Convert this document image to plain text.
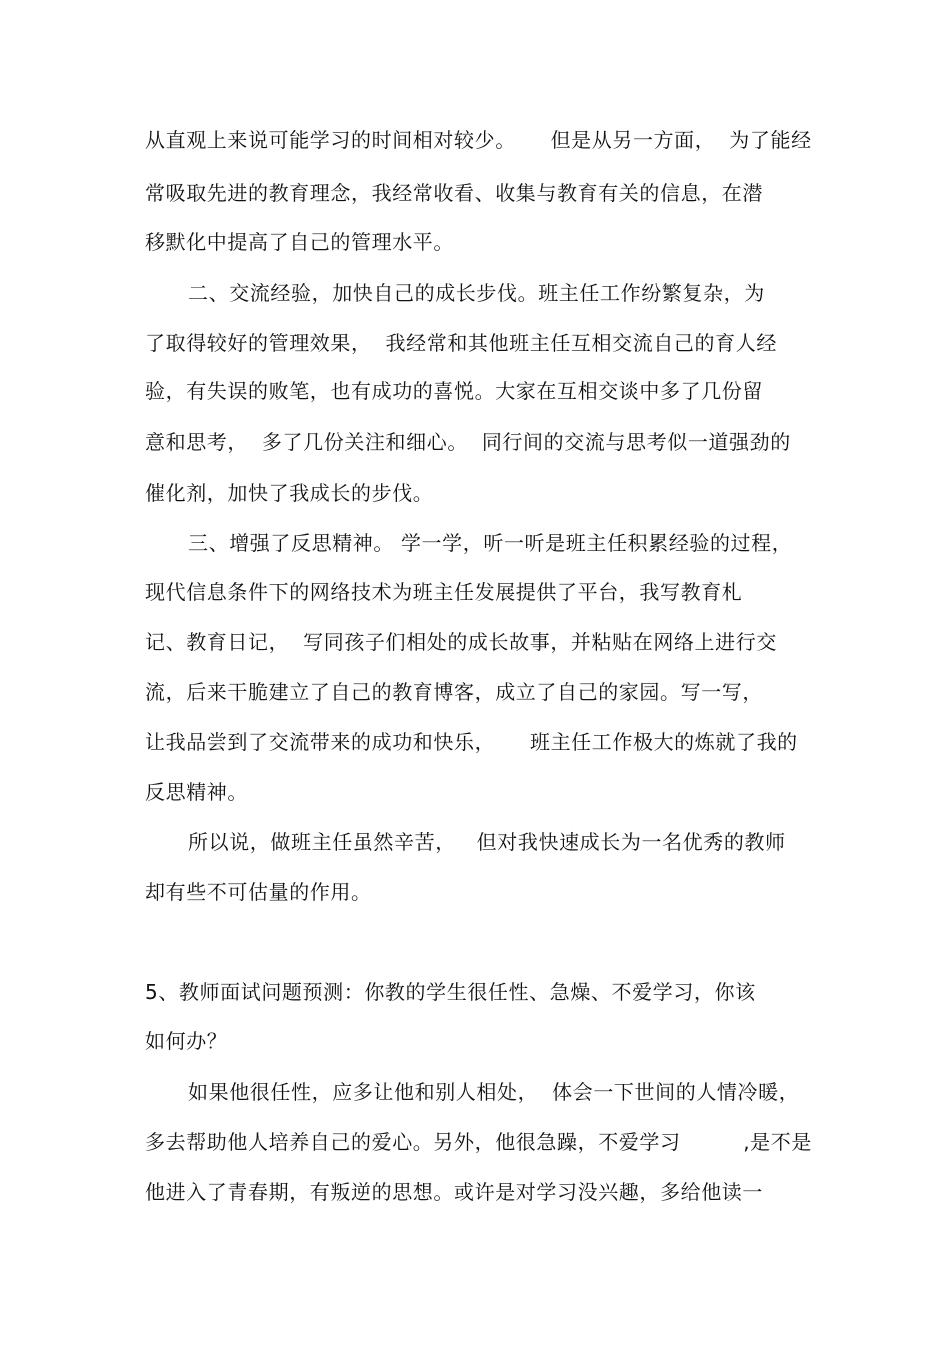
从直观上来说可能学习的时间相对较少。     但是从另一方面，  为了能经
常吸取先进的教育理念，我经常收看、收集与教育有关的信息，在潜
移默化中提高了自己的管理水平。
二、交流经验，加快自己的成长步伐。班主任工作纷繁复杂，为
了取得较好的管理效果，  我经常和其他班主任互相交流自己的育人经
验，有失误的败笔，也有成功的喜悦。大家在互相交谈中多了几份留
意和思考，  多了几份关注和细心。  同行间的交流与思考似一道强劲的
催化剂，加快了我成长的步伐。
三、增强了反思精神。 学一学，听一听是班主任积累经验的过程，
现代信息条件下的网络技术为班主任发展提供了平台，我写教育札
记、教育日记，  写同孩子们相处的成长故事，并粘贴在网络上进行交
流，后来干脆建立了自己的教育博客，成立了自己的家园。写一写，
让我品尝到了交流带来的成功和快乐，     班主任工作极大的炼就了我的
反思精神。
所以说，做班主任虽然辛苦，   但对我快速成长为一名优秀的教师
却有些不可估量的作用。
5、教师面试问题预测：你教的学生很任性、急燥、不爱学习，你该
如何办？
如果他很任性，应多让他和别人相处，  体会一下世间的人情冷暖，
多去帮助他人培养自己的爱心。另外，他很急躁，不爱学习         ,是不是
他进入了青春期，有叛逆的思想。或许是对学习没兴趣，多给他读一
